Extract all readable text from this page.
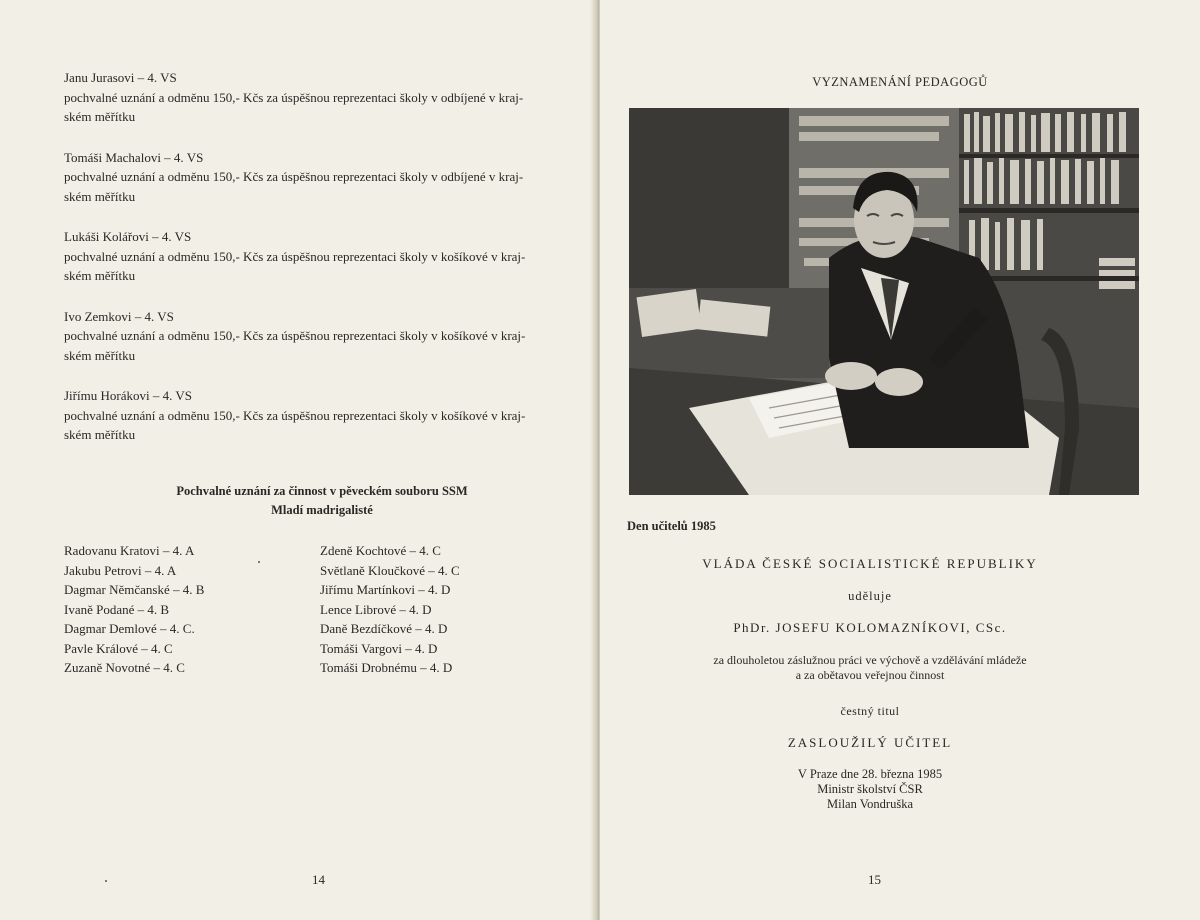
Janu Jurasovi – 4. VS
pochvalné uznání a odměnu 150,- Kčs za úspěšnou reprezentaci školy v odbíjené v kraj-
ském měřítku
Tomáši Machalovi – 4. VS
pochvalné uznání a odměnu 150,- Kčs za úspěšnou reprezentaci školy v odbíjené v kraj-
ském měřítku
Lukáši Kolářovi – 4. VS
pochvalné uznání a odměnu 150,- Kčs za úspěšnou reprezentaci školy v košíkové v kraj-
ském měřítku
Ivo Zemkovi – 4. VS
pochvalné uznání a odměnu 150,- Kčs za úspěšnou reprezentaci školy v košíkové v kraj-
ském měřítku
Jiřímu Horákovi – 4. VS
pochvalné uznání a odměnu 150,- Kčs za úspěšnou reprezentaci školy v košíkové v kraj-
ském měřítku
Pochvalné uznání za činnost v pěveckém souboru SSM
Mladí madrigalisté
Radovanu Kratovi – 4. A
Jakubu Petrovi – 4. A
Dagmar Němčanské – 4. B
Ivaně Podané – 4. B
Dagmar Demlové – 4. C.
Pavle Králové – 4. C
Zuzaně Novotné – 4. C
Zdeně Kochtové – 4. C
Světlaně Kloučkové – 4. C
Jiřímu Martínkovi – 4. D
Lence Librové – 4. D
Daně Bezdíčkové – 4. D
Tomáši Vargovi – 4. D
Tomáši Drobnému – 4. D
14
VYZNAMENÁNÍ PEDAGOGŮ
Den učitelů 1985
VLÁDA ČESKÉ SOCIALISTICKÉ REPUBLIKY
uděluje
PhDr. JOSEFU KOLOMAZNÍKOVI, CSc.
za dlouholetou záslužnou práci ve výchově a vzdělávání mládeže
a za obětavou veřejnou činnost
čestný titul
ZASLOUŽILÝ UČITEL
V Praze dne 28. března 1985
Ministr školství ČSR
Milan Vondruška
15
